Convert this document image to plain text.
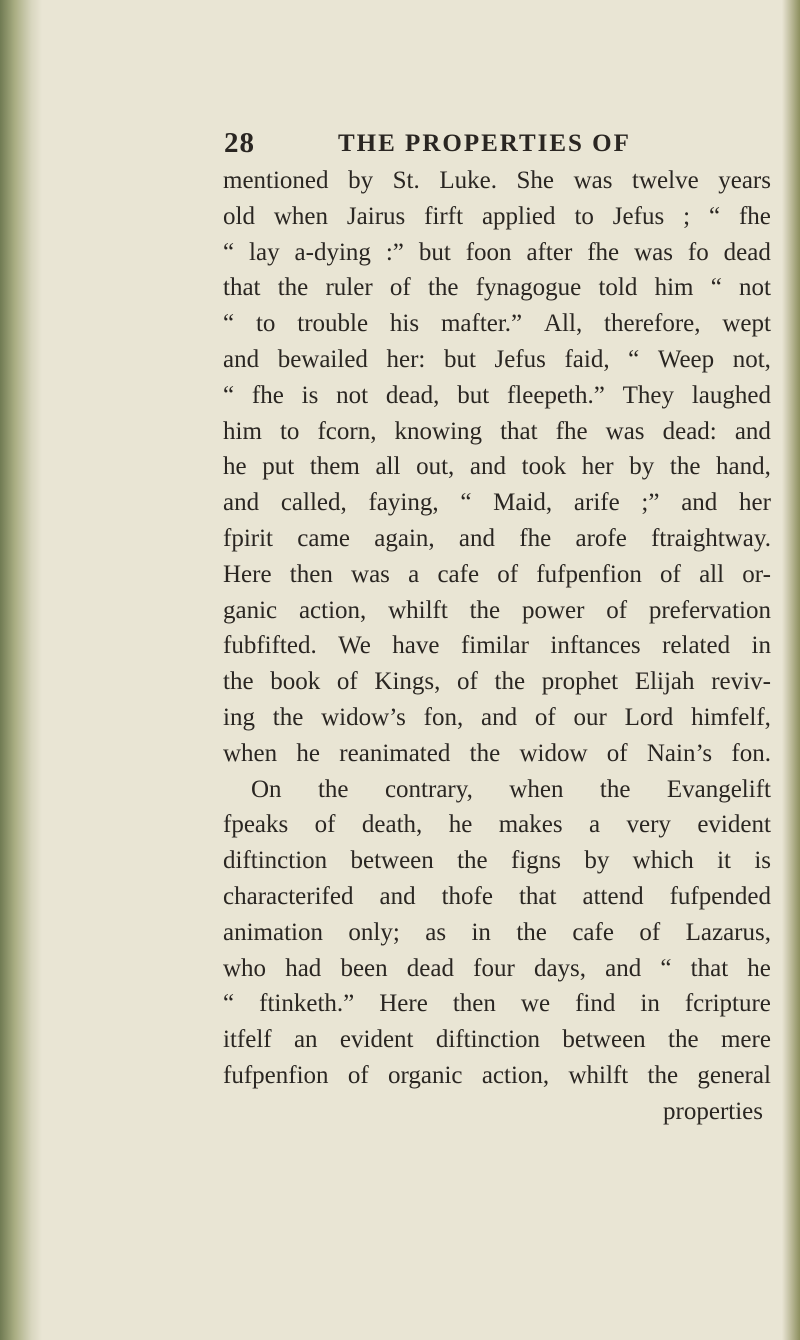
28	THE PROPERTIES OF
mentioned by St. Luke. She was twelve years
old when Jairus firft applied to Jefus ; “ fhe
“ lay a-dying :” but foon after fhe was fo dead
that the ruler of the fynagogue told him “ not
“ to trouble his mafter.” All, therefore, wept
and bewailed her: but Jefus faid, “ Weep not,
“ fhe is not dead, but fleepeth.” They laughed
him to fcorn, knowing that fhe was dead: and
he put them all out, and took her by the hand,
and called, faying, “ Maid, arife ;” and her
fpirit came again, and fhe arofe ftraightway.
Here then was a cafe of fufpenfion of all or-
ganic action, whilft the power of prefervation
fubfifted. We have fimilar inftances related in
the book of Kings, of the prophet Elijah reviv-
ing the widow’s fon, and of our Lord himfelf,
when he reanimated the widow of Nain’s fon.
On the contrary, when the Evangelift
fpeaks of death, he makes a very evident
diftinction between the figns by which it is
characterifed and thofe that attend fufpended
animation only; as in the cafe of Lazarus,
who had been dead four days, and “ that he
“ ftinketh.” Here then we find in fcripture
itfelf an evident diftinction between the mere
fufpenfion of organic action, whilft the general
properties
